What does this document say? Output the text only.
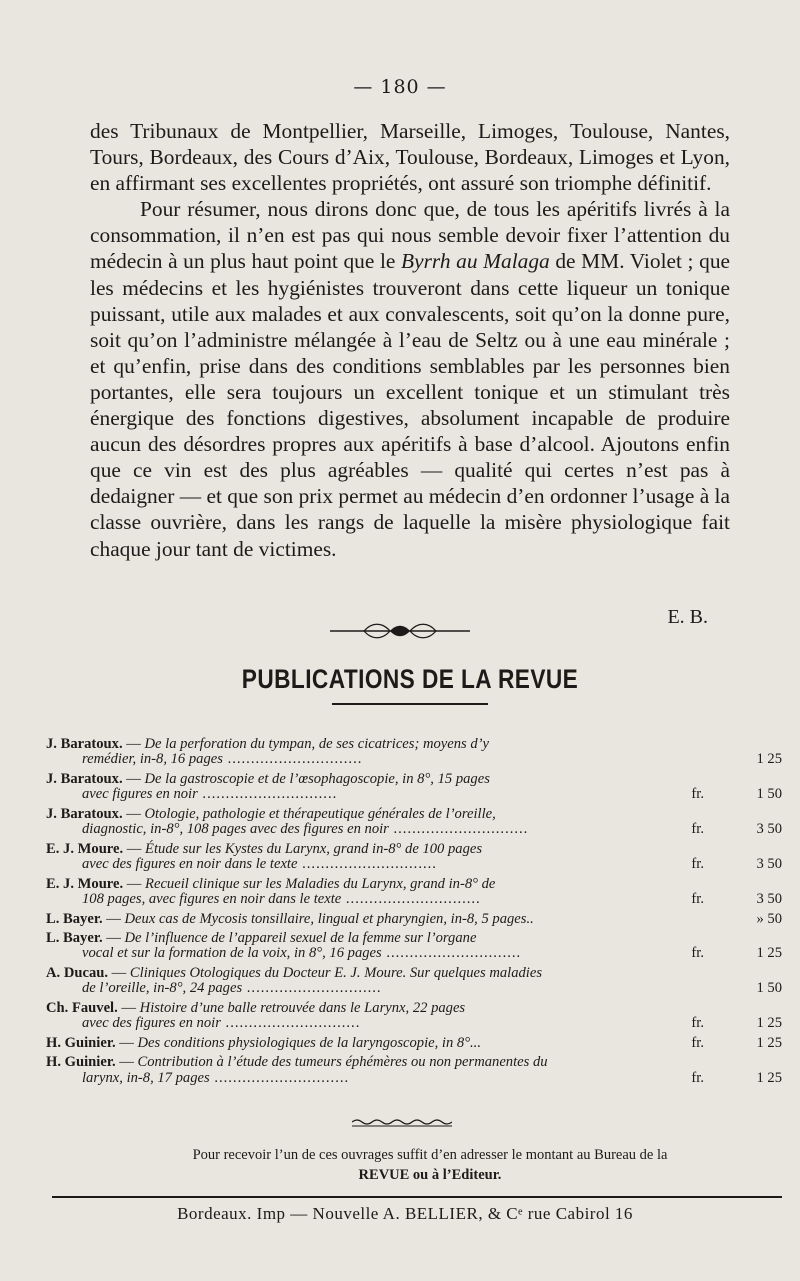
— 180 —

des Tribunaux de Montpellier, Marseille, Limoges, Toulouse, Nantes, Tours, Bordeaux, des Cours d’Aix, Toulouse, Bordeaux, Limoges et Lyon, en affirmant ses excellentes propriétés, ont assuré son triomphe définitif.

Pour résumer, nous dirons donc que, de tous les apéritifs livrés à la consommation, il n’en est pas qui nous semble devoir fixer l’attention du médecin à un plus haut point que le Byrrh au Malaga de MM. Violet ; que les médecins et les hygiénistes trouveront dans cette liqueur un tonique puissant, utile aux malades et aux convalescents, soit qu’on la donne pure, soit qu’on l’administre mélangée à l’eau de Seltz ou à une eau minérale ; et qu’enfin, prise dans des conditions semblables par les personnes bien portantes, elle sera toujours un excellent tonique et un stimulant très énergique des fonctions digestives, absolument incapable de produire aucun des désordres propres aux apéritifs à base d’alcool. Ajoutons enfin que ce vin est des plus agréables — qualité qui certes n’est pas à dedaigner — et que son prix permet au médecin d’en ordonner l’usage à la classe ouvrière, dans les rangs de laquelle la misère physiologique fait chaque jour tant de victimes.

E. B.
PUBLICATIONS DE LA REVUE
J. Baratoux. — De la perforation du tympan, de ses cicatrices; moyens d’y
remédier, in-8, 16 pages .............................	1 25
J. Baratoux. — De la gastroscopie et de l’œsophagoscopie, in 8°, 15 pages
avec figures en noir .............................	fr.	1 50
J. Baratoux. — Otologie, pathologie et thérapeutique générales de l’oreille,
diagnostic, in-8°, 108 pages avec des figures en noir .............................	fr.	3 50
E. J. Moure. — Étude sur les Kystes du Larynx, grand in-8° de 100 pages
avec des figures en noir dans le texte .............................	fr.	3 50
E. J. Moure. — Recueil clinique sur les Maladies du Larynx, grand in-8° de
108 pages, avec figures en noir dans le texte .............................	fr.	3 50
L. Bayer. — Deux cas de Mycosis tonsillaire, lingual et pharyngien, in-8, 5 pages..	» 50
L. Bayer. — De l’influence de l’appareil sexuel de la femme sur l’organe
vocal et sur la formation de la voix, in 8°, 16 pages .............................	fr.	1 25
A. Ducau. — Cliniques Otologiques du Docteur E. J. Moure. Sur quelques maladies
de l’oreille, in-8°, 24 pages .............................	1 50
Ch. Fauvel. — Histoire d’une balle retrouvée dans le Larynx, 22 pages
avec des figures en noir .............................	fr.	1 25
H. Guinier. — Des conditions physiologiques de la laryngoscopie, in 8°...	fr.	1 25
H. Guinier. — Contribution à l’étude des tumeurs éphémères ou non permanentes du
larynx, in-8, 17 pages .............................	fr.	1 25
Pour recevoir l’un de ces ouvrages suffit d’en adresser le montant au Bureau de la
REVUE ou à l’Editeur.
Bordeaux. Imp — Nouvelle A. BELLIER, & Cᵉ rue Cabirol 16
